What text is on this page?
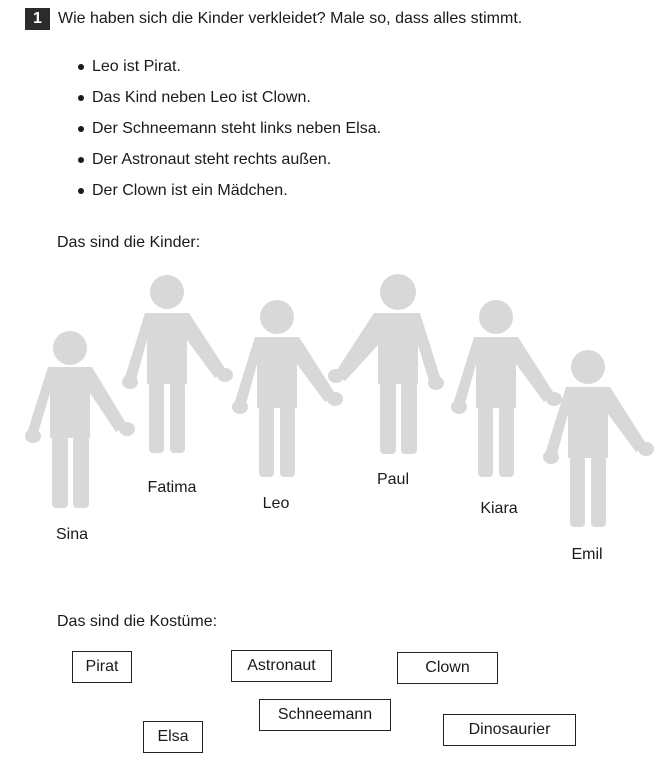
1	Wie haben sich die Kinder verkleidet? Male so, dass alles stimmt.
Leo ist Pirat.
Das Kind neben Leo ist Clown.
Der Schneemann steht links neben Elsa.
Der Astronaut steht rechts außen.
Der Clown ist ein Mädchen.
Das sind die Kinder:
Sina
Fatima
Leo
Paul
Kiara
Emil
Das sind die Kostüme:
Pirat	Astronaut	Clown
Elsa
Schneemann
Dinosaurier
